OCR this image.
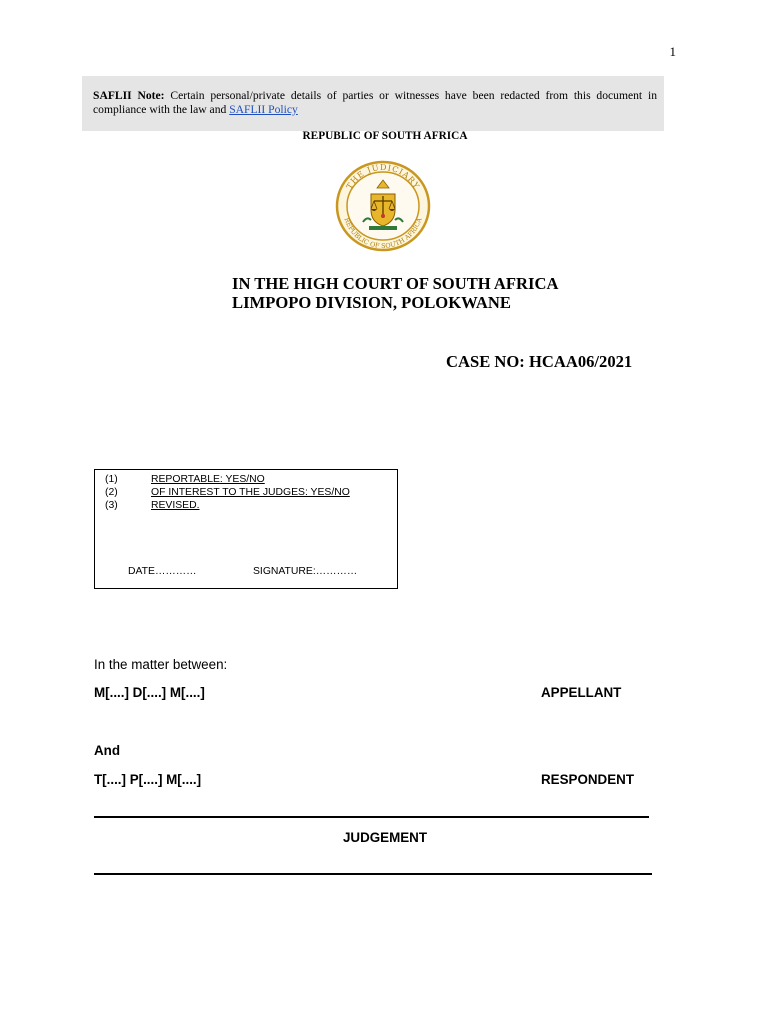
1
SAFLII Note: Certain personal/private details of parties or witnesses have been redacted from this document in compliance with the law and SAFLII Policy
REPUBLIC OF SOUTH AFRICA
THE JUDICIARY
REPUBLIC OF SOUTH AFRICA
IN THE HIGH COURT OF SOUTH AFRICA
LIMPOPO DIVISION, POLOKWANE
CASE NO: HCAA06/2021
(1)	REPORTABLE: YES/NO
(2)	OF INTEREST TO THE JUDGES: YES/NO
(3)	REVISED.
DATE…………	SIGNATURE:…………
In the matter between:
M[....] D[....] M[....]	APPELLANT
And
T[....] P[....] M[....]	RESPONDENT
JUDGEMENT
